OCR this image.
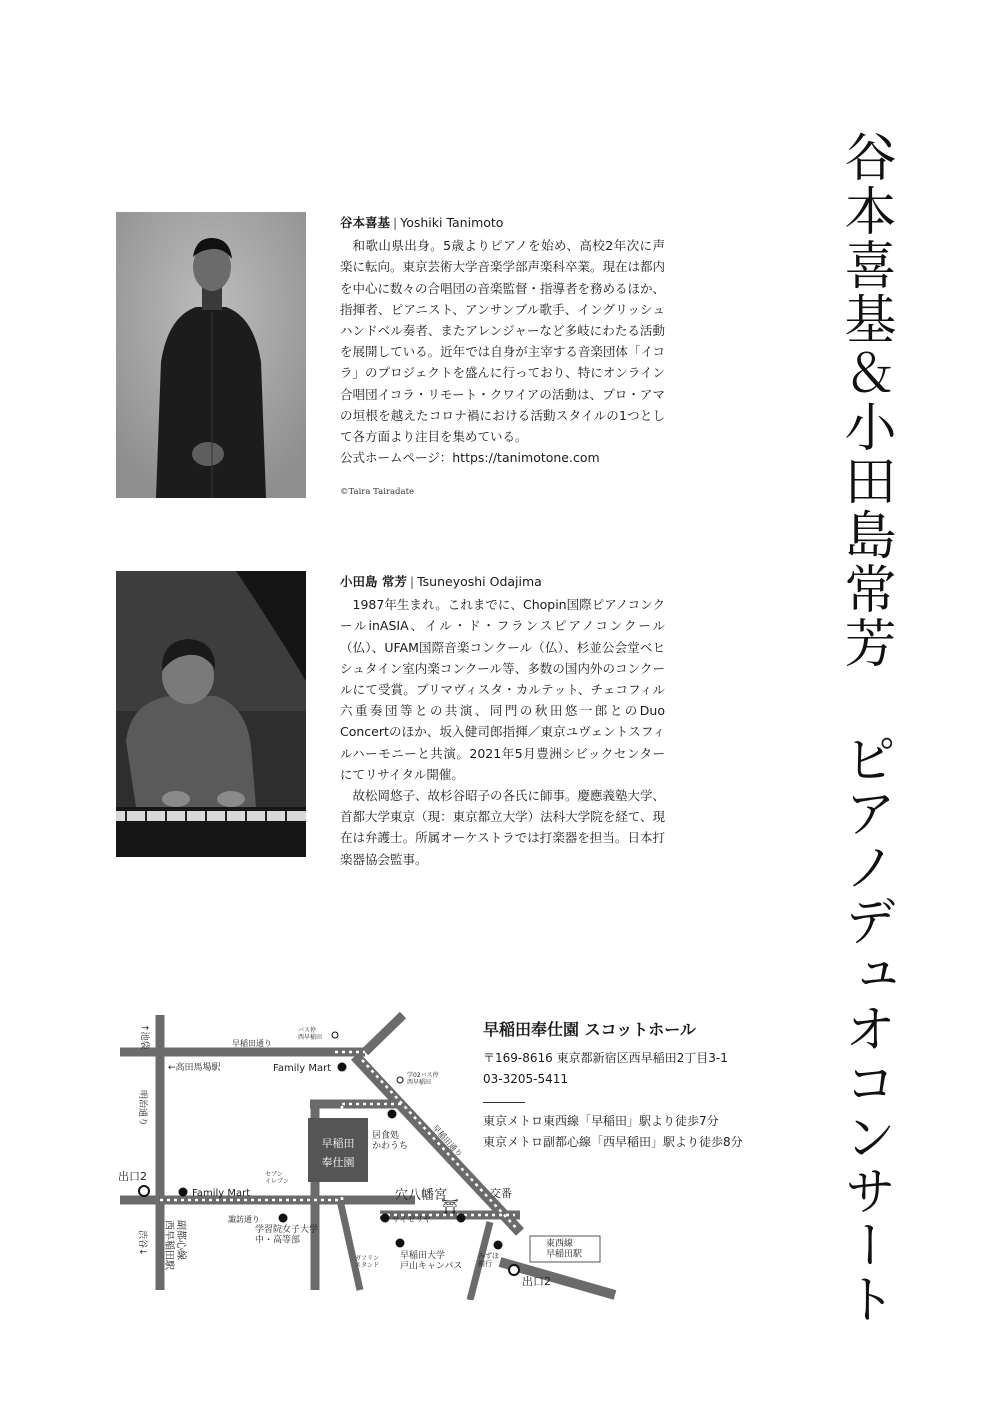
谷本喜基＆小田島常芳 ピアノデュオコンサート
谷本喜基 | Yoshiki Tanimoto

和歌山県出身。5歳よりピアノを始め、高校2年次に声楽に転向。東京芸術大学音楽学部声楽科卒業。現在は都内を中心に数々の合唱団の音楽監督・指導者を務めるほか、指揮者、ピアニスト、アンサンブル歌手、イングリッシュハンドベル奏者、またアレンジャーなど多岐にわたる活動を展開している。近年では自身が主宰する音楽団体「イコラ」のプロジェクトを盛んに行っており、特にオンライン合唱団イコラ・リモート・クワイアの活動は、プロ・アマの垣根を越えたコロナ禍における活動スタイルの1つとして各方面より注目を集めている。

公式ホームページ：https://tanimotone.com

©Taira Tairadate
小田島 常芳 | Tsuneyoshi Odajima

1987年生まれ。これまでに、Chopin国際ピアノコンクールinASIA、イル・ド・フランスピアノコンクール（仏）、UFAM国際音楽コンクール（仏）、杉並公会堂ベヒシュタイン室内楽コンクール等、多数の国内外のコンクールにて受賞。プリマヴィスタ・カルテット、チェコフィル六重奏団等との共演、同門の秋田悠一郎とのDuo Concertのほか、坂入健司郎指揮／東京ユヴェントスフィルハーモニーと共演。2021年5月豊洲シビックセンターにてリサイタル開催。

故松岡悠子、故杉谷昭子の各氏に師事。慶應義塾大学、首都大学東京（現：東京都立大学）法科大学院を経て、現在は弁護士。所属オーケストラでは打楽器を担当。日本打楽器協会監事。

早稲田
奉仕園
⛩
↑池袋
←高田馬場駅
明治通り
渋谷↓
早稲田通り
バス停西早稲田
Family Mart
学02バス停西早稲田
早稲田通り
居食処かわうち
出口2
Family Mart
セブンイレブン
穴八幡宮	交番
諏訪通り	サイゼリヤ
学習院女子大学中・高等部
ガソリンスタンド
早稲田大学戸山キャンパス
みずほ銀行
東西線早稲田駅
出口2
西早稲田駅 副都心線
早稲田奉仕園 スコットホール
〒169-8616 東京都新宿区西早稲田2丁目3-1
03-3205-5411
東京メトロ東西線「早稲田」駅より徒歩7分
東京メトロ副都心線「西早稲田」駅より徒歩8分
